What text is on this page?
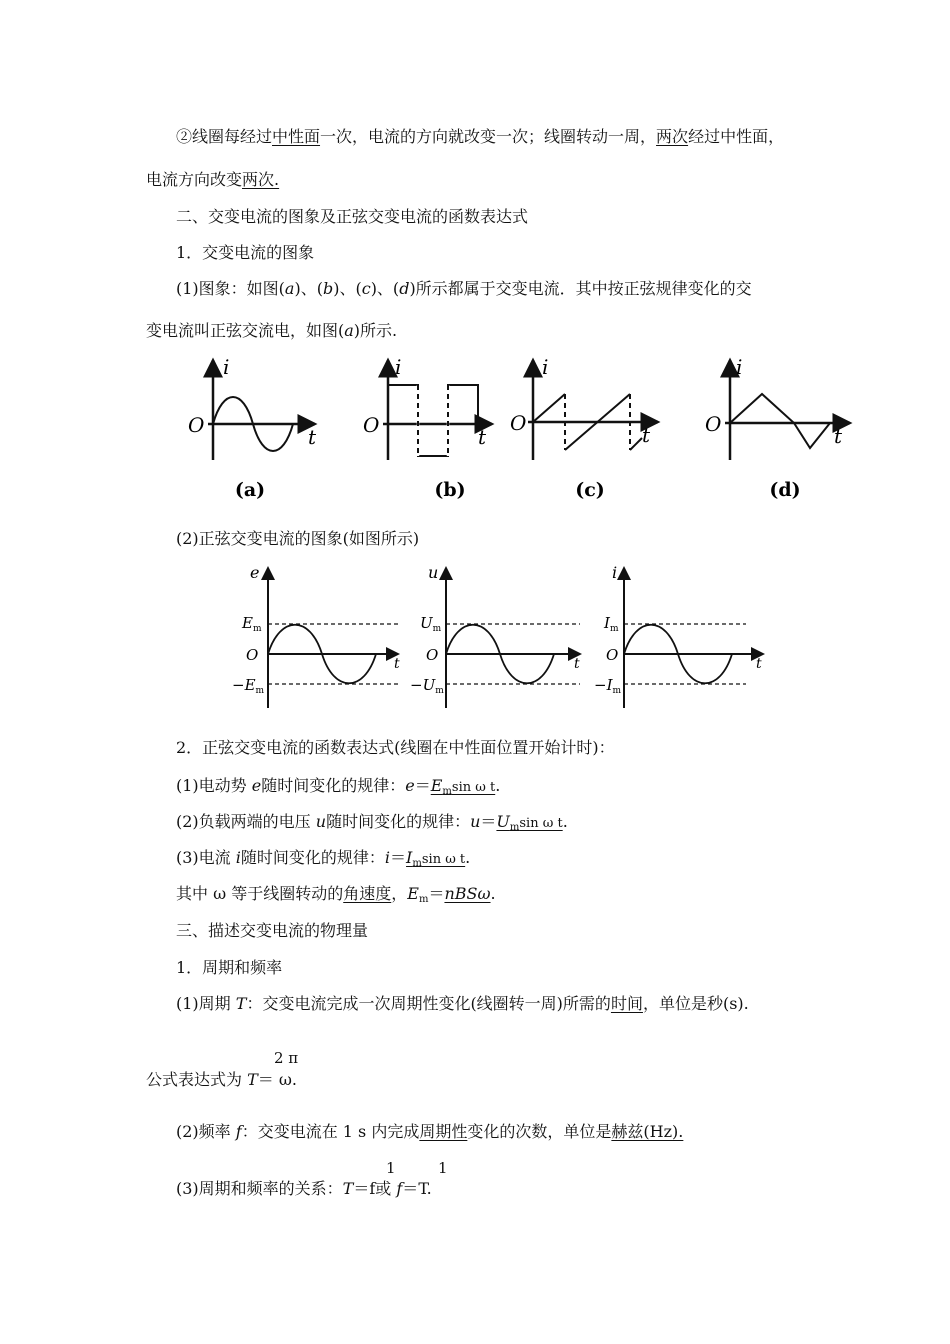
②线圈每经过中性面一次，电流的方向就改变一次；线圈转动一周，两次经过中性面，
电流方向改变两次.
二、交变电流的图象及正弦交变电流的函数表达式
1．交变电流的图象
(1)图象：如图(a)、(b)、(c)、(d)所示都属于交变电流．其中按正弦规律变化的交
变电流叫正弦交流电，如图(a)所示.
i
O	t
(a)
i
O	t
(b)
i
O	t
(c)
i
O	t
(d)
(2)正弦交变电流的图象(如图所示)
e
$E_m$
O
$-E_m$
t
u
$U_m$
O
$-U_m$
t
i
$I_m$
O
$-I_m$
t
2．正弦交变电流的函数表达式(线圈在中性面位置开始计时)：
(1)电动势 e随时间变化的规律：$e=E_m\sin$ ω t.
(2)负载两端的电压 u随时间变化的规律：$u=U_m\sin$ ω t.
(3)电流 i随时间变化的规律：$i=I_m\sin$ ω t.
其中 ω 等于线圈转动的角速度，$E_m=nBS\omega$.
三、描述交变电流的物理量
1．周期和频率
(1)周期 T：交变电流完成一次周期性变化(线圈转一周)所需的时间，单位是秒(s).
2 π
公式表达式为 T＝ ω.
(2)频率 f：交变电流在 1 s 内完成周期性变化的次数，单位是赫兹(Hz).
1	1
(3)周期和频率的关系：T＝f或 f＝T.
